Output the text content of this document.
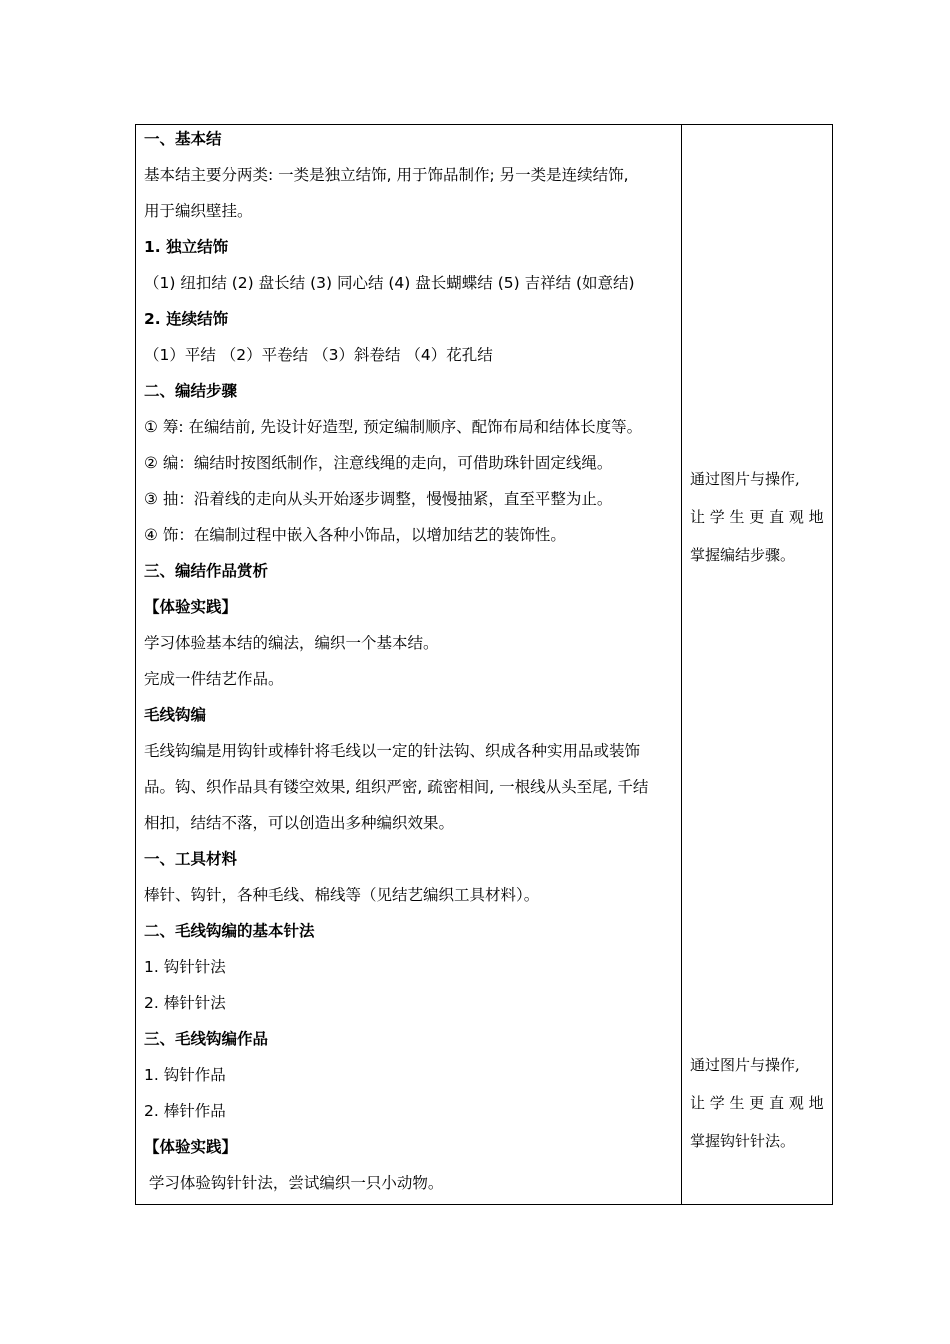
一、基本结
基本结主要分两类: 一类是独立结饰, 用于饰品制作; 另一类是连续结饰,
用于编织壁挂。
1. 独立结饰
（1) 纽扣结 (2) 盘长结 (3) 同心结 (4) 盘长蝴蝶结 (5) 吉祥结 (如意结)
2. 连续结饰
（1）平结 （2）平卷结 （3）斜卷结 （4）花孔结
二、编结步骤
① 筹: 在编结前, 先设计好造型, 预定编制顺序、配饰布局和结体长度等。
② 编：编结时按图纸制作，注意线绳的走向，可借助珠针固定线绳。
③ 抽：沿着线的走向从头开始逐步调整，慢慢抽紧，直至平整为止。
④ 饰：在编制过程中嵌入各种小饰品，以增加结艺的装饰性。
三、编结作品赏析
【体验实践】
学习体验基本结的编法，编织一个基本结。
完成一件结艺作品。
毛线钩编
毛线钩编是用钩针或棒针将毛线以一定的针法钩、织成各种实用品或装饰
品。钩、织作品具有镂空效果, 组织严密, 疏密相间, 一根线从头至尾, 千结
相扣，结结不落，可以创造出多种编织效果。
一、工具材料
棒针、钩针，各种毛线、棉线等（见结艺编织工具材料）。
二、毛线钩编的基本针法
1. 钩针针法
2. 棒针针法
三、毛线钩编作品
1. 钩针作品
2. 棒针作品
【体验实践】
学习体验钩针针法，尝试编织一只小动物。
通过图片与操作,
让 学 生 更 直 观 地
掌握编结步骤。
通过图片与操作,
让 学 生 更 直 观 地
掌握钩针针法。
